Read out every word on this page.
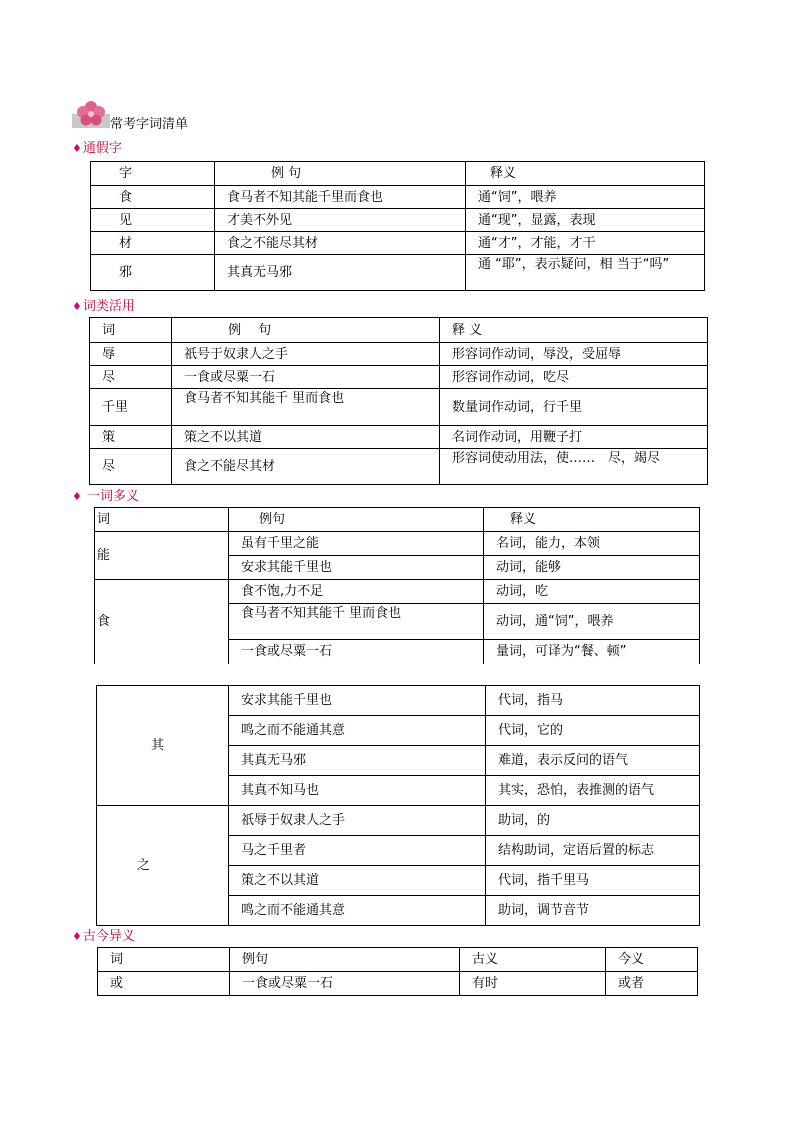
常考字词清单
♦通假字
字	例 句	释义
食	食马者不知其能千里而食也	通“饲”，喂养
见	才美不外见	通“现”，显露，表现
材	食之不能尽其材	通“才”，才能，才干
邪	其真无马邪	通 “耶”，表示疑问，相 当于“吗”
♦词类活用
词	例　 句	释 义
辱	祇号于奴隶人之手	形容词作动词，辱没，受屈辱
尽	一食或尽粟一石	形容词作动词，吃尽
千里	食马者不知其能千 里而食也	数量词作动词，行千里
策	策之不以其道	名词作动词，用鞭子打
尽	食之不能尽其材	形容词使动用法，使……　尽，竭尽
♦ 一词多义
词	例句	释义
能	虽有千里之能	名词，能力，本领
	安求其能千里也	动词，能够
食	食不饱,力不足	动词，吃
	食马者不知其能千 里而食也	动词，通“饲”，喂养
	一食或尽粟一石	量词，可译为“餐、顿”
其	安求其能千里也	代词，指马
	鸣之而不能通其意	代词，它的
	其真无马邪	难道，表示反问的语气
	其真不知马也	其实，恐怕，表推测的语气
之	祇辱于奴隶人之手	助词，的
	马之千里者	结构助词，定语后置的标志
	策之不以其道	代词，指千里马
	鸣之而不能通其意	助词，调节音节
♦古今异义
词	例句	古义	今义
或	一食或尽粟一石	有时	或者
